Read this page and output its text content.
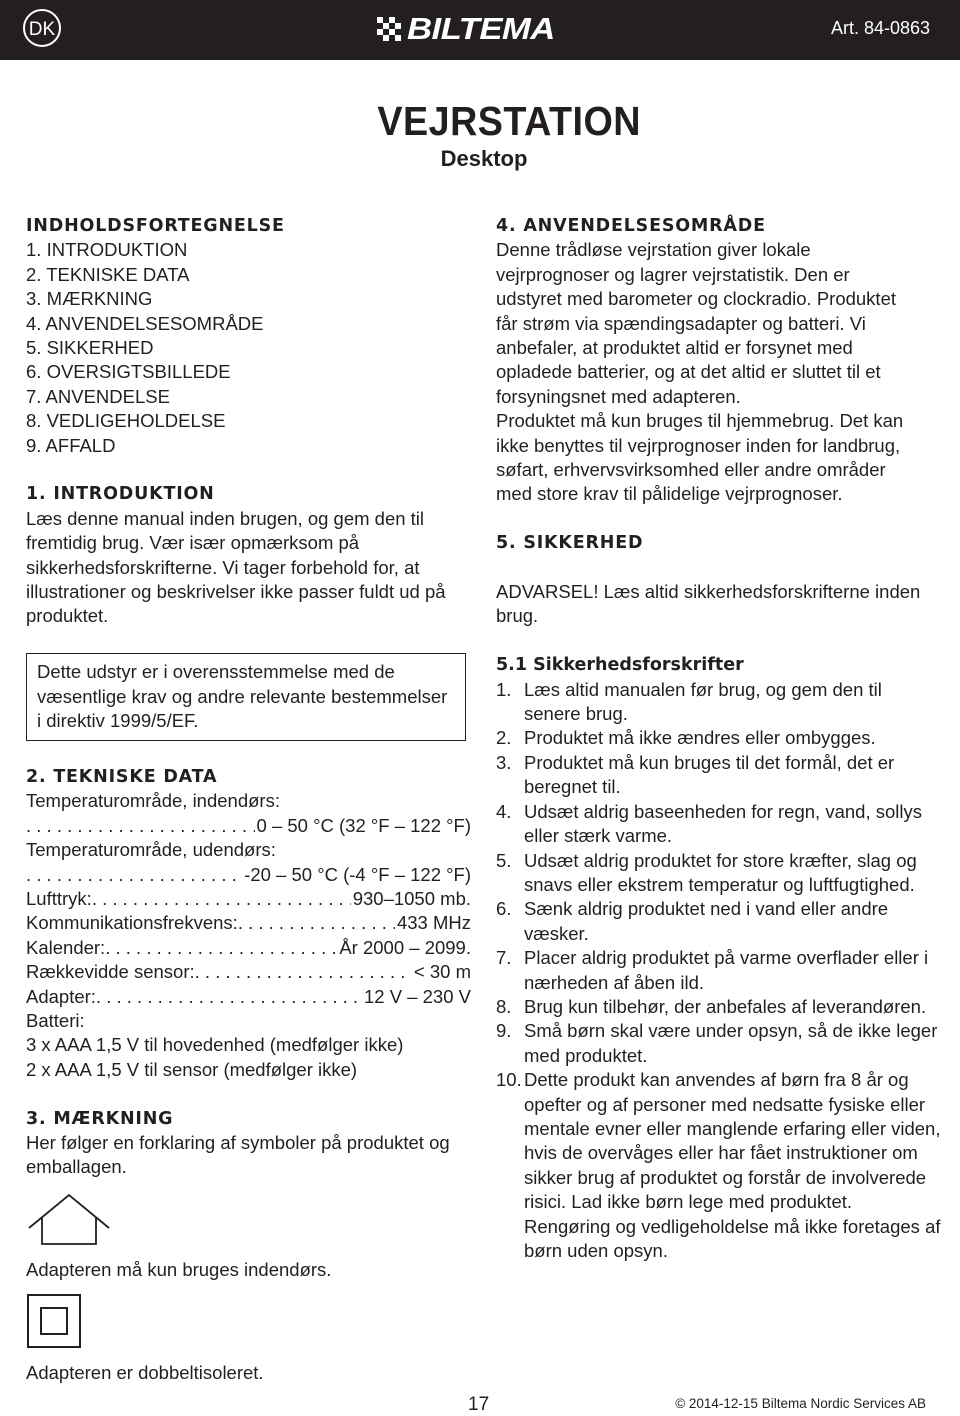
DK	BILTEMA	Art. 84-0863
VEJRSTATION
Desktop
INDHOLDSFORTEGNELSE
1. INTRODUKTION
2. TEKNISKE DATA
3. MÆRKNING
4. ANVENDELSESOMRÅDE
5. SIKKERHED
6. OVERSIGTSBILLEDE
7. ANVENDELSE
8. VEDLIGEHOLDELSE
9. AFFALD
1. INTRODUKTION

Læs denne manual inden brugen, og gem den til fremtidig brug. Vær især opmærksom på sikkerhedsforskrifterne. Vi tager forbehold for, at illustrationer og beskrivelser ikke passer fuldt ud på produktet.

Dette udstyr er i overensstemmelse med de væsentlige krav og andre relevante bestemmelser i direktiv 1999/5/EF.

2. TEKNISKE DATA
Temperaturområde, indendørs:
. . .
0 – 50 °C (32 °F – 122 °F)
Temperaturområde, udendørs:
. . .
-20 – 50 °C (-4 °F – 122 °F)
Lufttryk: . . .	930–1050 mb.
Kommunikationsfrekvens: . . .	433 MHz
Kalender: . . .	År 2000 – 2099.
Rækkevidde sensor: . . .	< 30 m
Adapter: . . .	12 V – 230 V
Batteri:
3 x AAA 1,5 V til hovedenhed (medfølger ikke)
2 x AAA 1,5 V til sensor (medfølger ikke)
3. MÆRKNING

Her følger en forklaring af symboler på produktet og emballagen.

Adapteren må kun bruges indendørs.
Adapteren er dobbeltisoleret.
4. ANVENDELSESOMRÅDE

Denne trådløse vejrstation giver lokale vejrprognoser og lagrer vejrstatistik. Den er udstyret med barometer og clockradio. Produktet får strøm via spændingsadapter og batteri. Vi anbefaler, at produktet altid er forsynet med opladede batterier, og at det altid er sluttet til et forsyningsnet med adapteren.

Produktet må kun bruges til hjemmebrug. Det kan ikke benyttes til vejrprognoser inden for landbrug, søfart, erhvervsvirksomhed eller andre områder med store krav til pålidelige vejrprognoser.

5. SIKKERHED

ADVARSEL! Læs altid sikkerhedsforskrifterne inden brug.

5.1 Sikkerhedsforskrifter
1. Læs altid manualen før brug, og gem den til senere brug.
2. Produktet må ikke ændres eller ombygges.
3. Produktet må kun bruges til det formål, det er beregnet til.
4. Udsæt aldrig baseenheden for regn, vand, sollys eller stærk varme.
5. Udsæt aldrig produktet for store kræfter, slag og snavs eller ekstrem temperatur og luftfugtighed.
6. Sænk aldrig produktet ned i vand eller andre væsker.
7. Placer aldrig produktet på varme overflader eller i nærheden af åben ild.
8. Brug kun tilbehør, der anbefales af leverandøren.
9. Små børn skal være under opsyn, så de ikke leger med produktet.
10. Dette produkt kan anvendes af børn fra 8 år og opefter og af personer med nedsatte fysiske eller mentale evner eller manglende erfaring eller viden, hvis de overvåges eller har fået instruktioner om sikker brug af produktet og forstår de involverede risici. Lad ikke børn lege med produktet. Rengøring og vedligeholdelse må ikke foretages af børn uden opsyn.
17	© 2014-12-15 Biltema Nordic Services AB
